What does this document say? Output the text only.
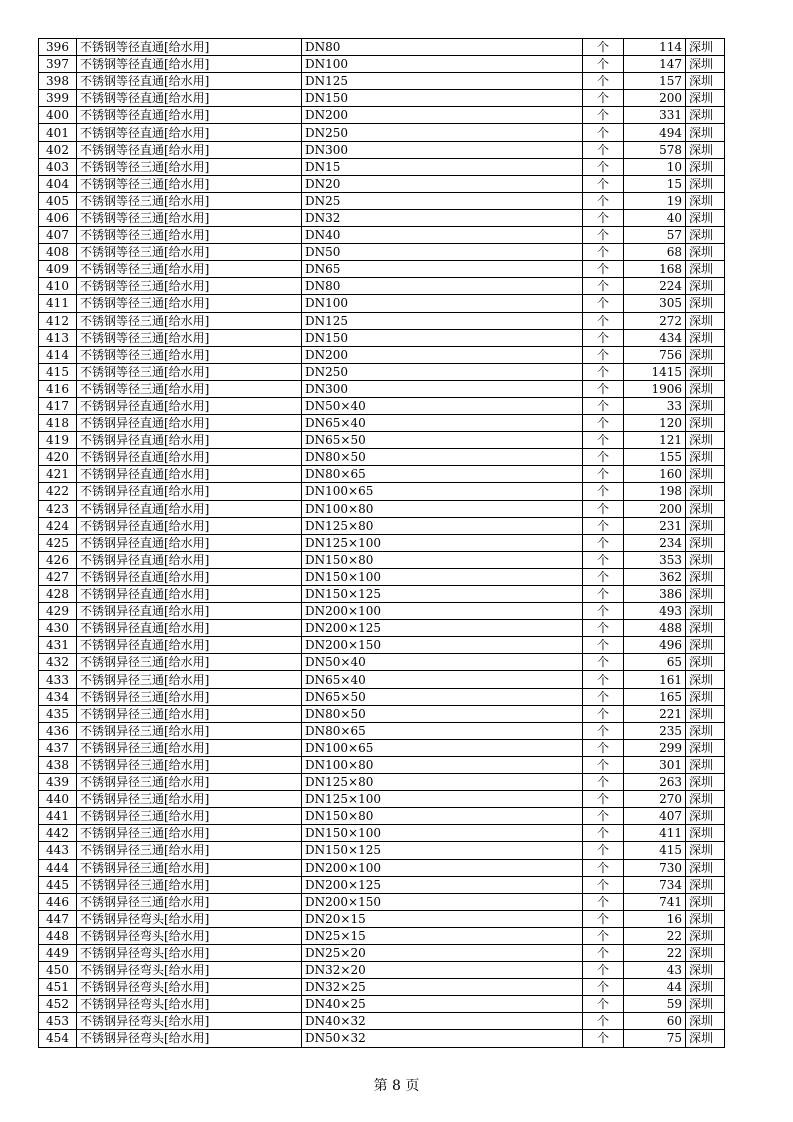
396	不锈钢等径直通[给水用]	DN80	个	114	深圳
397	不锈钢等径直通[给水用]	DN100	个	147	深圳
398	不锈钢等径直通[给水用]	DN125	个	157	深圳
399	不锈钢等径直通[给水用]	DN150	个	200	深圳
400	不锈钢等径直通[给水用]	DN200	个	331	深圳
401	不锈钢等径直通[给水用]	DN250	个	494	深圳
402	不锈钢等径直通[给水用]	DN300	个	578	深圳
403	不锈钢等径三通[给水用]	DN15	个	10	深圳
404	不锈钢等径三通[给水用]	DN20	个	15	深圳
405	不锈钢等径三通[给水用]	DN25	个	19	深圳
406	不锈钢等径三通[给水用]	DN32	个	40	深圳
407	不锈钢等径三通[给水用]	DN40	个	57	深圳
408	不锈钢等径三通[给水用]	DN50	个	68	深圳
409	不锈钢等径三通[给水用]	DN65	个	168	深圳
410	不锈钢等径三通[给水用]	DN80	个	224	深圳
411	不锈钢等径三通[给水用]	DN100	个	305	深圳
412	不锈钢等径三通[给水用]	DN125	个	272	深圳
413	不锈钢等径三通[给水用]	DN150	个	434	深圳
414	不锈钢等径三通[给水用]	DN200	个	756	深圳
415	不锈钢等径三通[给水用]	DN250	个	1415	深圳
416	不锈钢等径三通[给水用]	DN300	个	1906	深圳
417	不锈钢异径直通[给水用]	DN50×40	个	33	深圳
418	不锈钢异径直通[给水用]	DN65×40	个	120	深圳
419	不锈钢异径直通[给水用]	DN65×50	个	121	深圳
420	不锈钢异径直通[给水用]	DN80×50	个	155	深圳
421	不锈钢异径直通[给水用]	DN80×65	个	160	深圳
422	不锈钢异径直通[给水用]	DN100×65	个	198	深圳
423	不锈钢异径直通[给水用]	DN100×80	个	200	深圳
424	不锈钢异径直通[给水用]	DN125×80	个	231	深圳
425	不锈钢异径直通[给水用]	DN125×100	个	234	深圳
426	不锈钢异径直通[给水用]	DN150×80	个	353	深圳
427	不锈钢异径直通[给水用]	DN150×100	个	362	深圳
428	不锈钢异径直通[给水用]	DN150×125	个	386	深圳
429	不锈钢异径直通[给水用]	DN200×100	个	493	深圳
430	不锈钢异径直通[给水用]	DN200×125	个	488	深圳
431	不锈钢异径直通[给水用]	DN200×150	个	496	深圳
432	不锈钢异径三通[给水用]	DN50×40	个	65	深圳
433	不锈钢异径三通[给水用]	DN65×40	个	161	深圳
434	不锈钢异径三通[给水用]	DN65×50	个	165	深圳
435	不锈钢异径三通[给水用]	DN80×50	个	221	深圳
436	不锈钢异径三通[给水用]	DN80×65	个	235	深圳
437	不锈钢异径三通[给水用]	DN100×65	个	299	深圳
438	不锈钢异径三通[给水用]	DN100×80	个	301	深圳
439	不锈钢异径三通[给水用]	DN125×80	个	263	深圳
440	不锈钢异径三通[给水用]	DN125×100	个	270	深圳
441	不锈钢异径三通[给水用]	DN150×80	个	407	深圳
442	不锈钢异径三通[给水用]	DN150×100	个	411	深圳
443	不锈钢异径三通[给水用]	DN150×125	个	415	深圳
444	不锈钢异径三通[给水用]	DN200×100	个	730	深圳
445	不锈钢异径三通[给水用]	DN200×125	个	734	深圳
446	不锈钢异径三通[给水用]	DN200×150	个	741	深圳
447	不锈钢异径弯头[给水用]	DN20×15	个	16	深圳
448	不锈钢异径弯头[给水用]	DN25×15	个	22	深圳
449	不锈钢异径弯头[给水用]	DN25×20	个	22	深圳
450	不锈钢异径弯头[给水用]	DN32×20	个	43	深圳
451	不锈钢异径弯头[给水用]	DN32×25	个	44	深圳
452	不锈钢异径弯头[给水用]	DN40×25	个	59	深圳
453	不锈钢异径弯头[给水用]	DN40×32	个	60	深圳
454	不锈钢异径弯头[给水用]	DN50×32	个	75	深圳
第 8 页
